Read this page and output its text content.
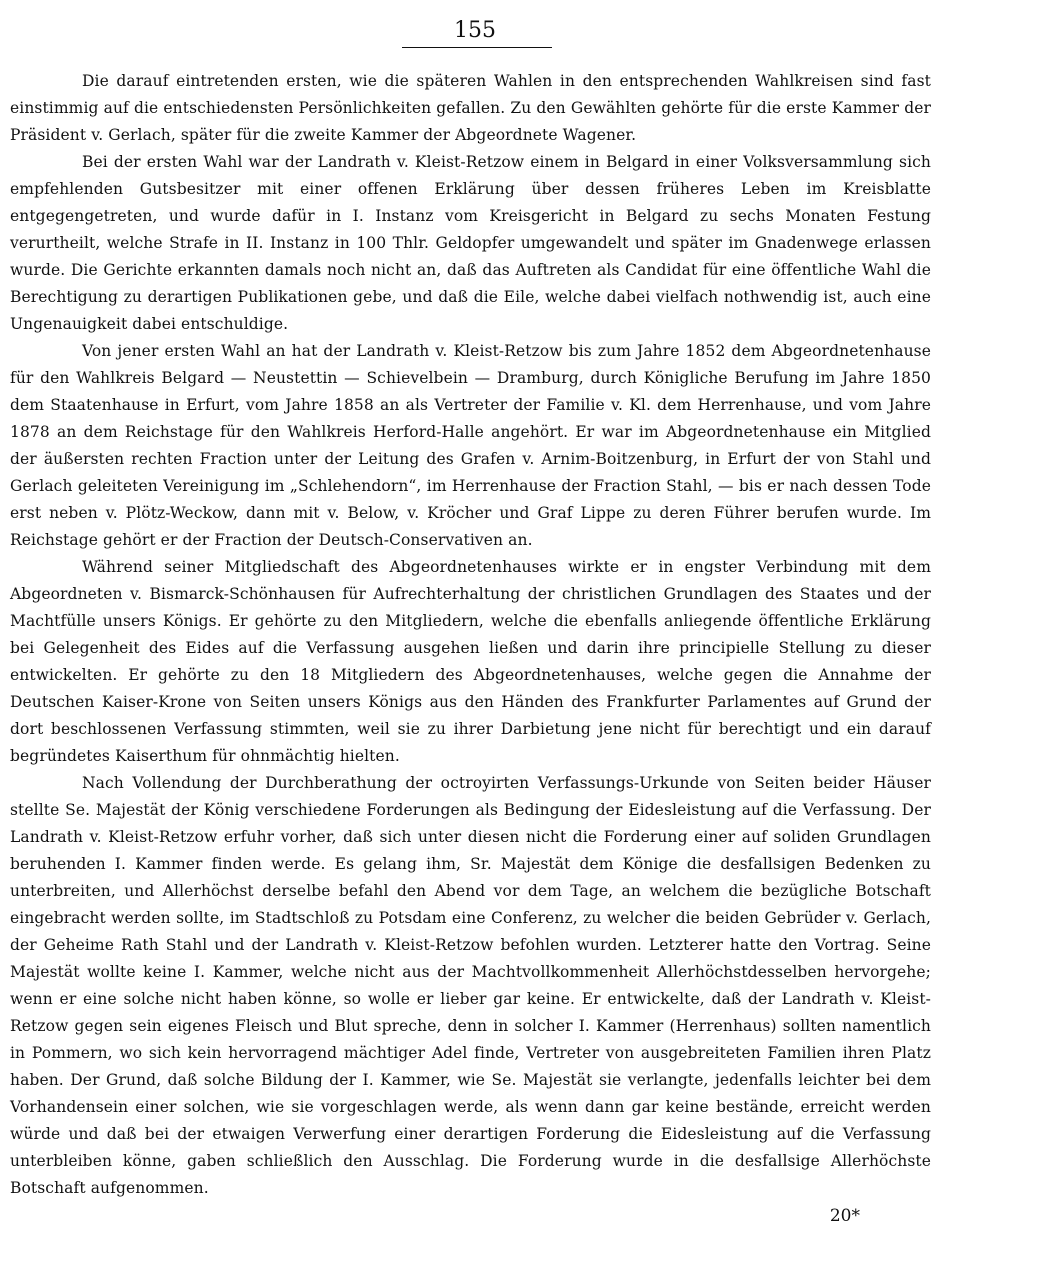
155

Die darauf eintretenden ersten, wie die späteren Wahlen in den entsprechenden Wahlkreisen sind fast einstimmig auf die entschiedensten Persönlichkeiten gefallen. Zu den Gewählten gehörte für die erste Kammer der Präsident v. Gerlach, später für die zweite Kammer der Abgeordnete Wagener.

Bei der ersten Wahl war der Landrath v. Kleist-Retzow einem in Belgard in einer Volksversammlung sich empfehlenden Gutsbesitzer mit einer offenen Erklärung über dessen früheres Leben im Kreisblatte entgegengetreten, und wurde dafür in I. Instanz vom Kreisgericht in Belgard zu sechs Monaten Festung verurtheilt, welche Strafe in II. Instanz in 100 Thlr. Geldopfer umgewandelt und später im Gnadenwege erlassen wurde. Die Gerichte erkannten damals noch nicht an, daß das Auftreten als Candidat für eine öffentliche Wahl die Berechtigung zu derartigen Publikationen gebe, und daß die Eile, welche dabei vielfach nothwendig ist, auch eine Ungenauigkeit dabei entschuldige.

Von jener ersten Wahl an hat der Landrath v. Kleist-Retzow bis zum Jahre 1852 dem Abgeordnetenhause für den Wahlkreis Belgard — Neustettin — Schievelbein — Dramburg, durch Königliche Berufung im Jahre 1850 dem Staatenhause in Erfurt, vom Jahre 1858 an als Vertreter der Familie v. Kl. dem Herrenhause, und vom Jahre 1878 an dem Reichstage für den Wahlkreis Herford-Halle angehört. Er war im Abgeordnetenhause ein Mitglied der äußersten rechten Fraction unter der Leitung des Grafen v. Arnim-Boitzenburg, in Erfurt der von Stahl und Gerlach geleiteten Vereinigung im „Schlehendorn“, im Herrenhause der Fraction Stahl, — bis er nach dessen Tode erst neben v. Plötz-Weckow, dann mit v. Below, v. Kröcher und Graf Lippe zu deren Führer berufen wurde. Im Reichstage gehört er der Fraction der Deutsch-Conservativen an.

Während seiner Mitgliedschaft des Abgeordnetenhauses wirkte er in engster Verbindung mit dem Abgeordneten v. Bismarck-Schönhausen für Aufrechterhaltung der christlichen Grundlagen des Staates und der Machtfülle unsers Königs. Er gehörte zu den Mitgliedern, welche die ebenfalls anliegende öffentliche Erklärung bei Gelegenheit des Eides auf die Verfassung ausgehen ließen und darin ihre principielle Stellung zu dieser entwickelten. Er gehörte zu den 18 Mitgliedern des Abgeordnetenhauses, welche gegen die Annahme der Deutschen Kaiser-Krone von Seiten unsers Königs aus den Händen des Frankfurter Parlamentes auf Grund der dort beschlossenen Verfassung stimmten, weil sie zu ihrer Darbietung jene nicht für berechtigt und ein darauf begründetes Kaiserthum für ohnmächtig hielten.

Nach Vollendung der Durchberathung der octroyirten Verfassungs-Urkunde von Seiten beider Häuser stellte Se. Majestät der König verschiedene Forderungen als Bedingung der Eidesleistung auf die Verfassung. Der Landrath v. Kleist-Retzow erfuhr vorher, daß sich unter diesen nicht die Forderung einer auf soliden Grundlagen beruhenden I. Kammer finden werde. Es gelang ihm, Sr. Majestät dem Könige die desfallsigen Bedenken zu unterbreiten, und Allerhöchst derselbe befahl den Abend vor dem Tage, an welchem die bezügliche Botschaft eingebracht werden sollte, im Stadtschloß zu Potsdam eine Conferenz, zu welcher die beiden Gebrüder v. Gerlach, der Geheime Rath Stahl und der Landrath v. Kleist-Retzow befohlen wurden. Letzterer hatte den Vortrag. Seine Majestät wollte keine I. Kammer, welche nicht aus der Machtvollkommenheit Allerhöchstdesselben hervorgehe; wenn er eine solche nicht haben könne, so wolle er lieber gar keine. Er entwickelte, daß der Landrath v. Kleist-Retzow gegen sein eigenes Fleisch und Blut spreche, denn in solcher I. Kammer (Herrenhaus) sollten namentlich in Pommern, wo sich kein hervorragend mächtiger Adel finde, Vertreter von ausgebreiteten Familien ihren Platz haben. Der Grund, daß solche Bildung der I. Kammer, wie Se. Majestät sie verlangte, jedenfalls leichter bei dem Vorhandensein einer solchen, wie sie vorgeschlagen werde, als wenn dann gar keine bestände, erreicht werden würde und daß bei der etwaigen Verwerfung einer derartigen Forderung die Eidesleistung auf die Verfassung unterbleiben könne, gaben schließlich den Ausschlag. Die Forderung wurde in die desfallsige Allerhöchste Botschaft aufgenommen.

20*
